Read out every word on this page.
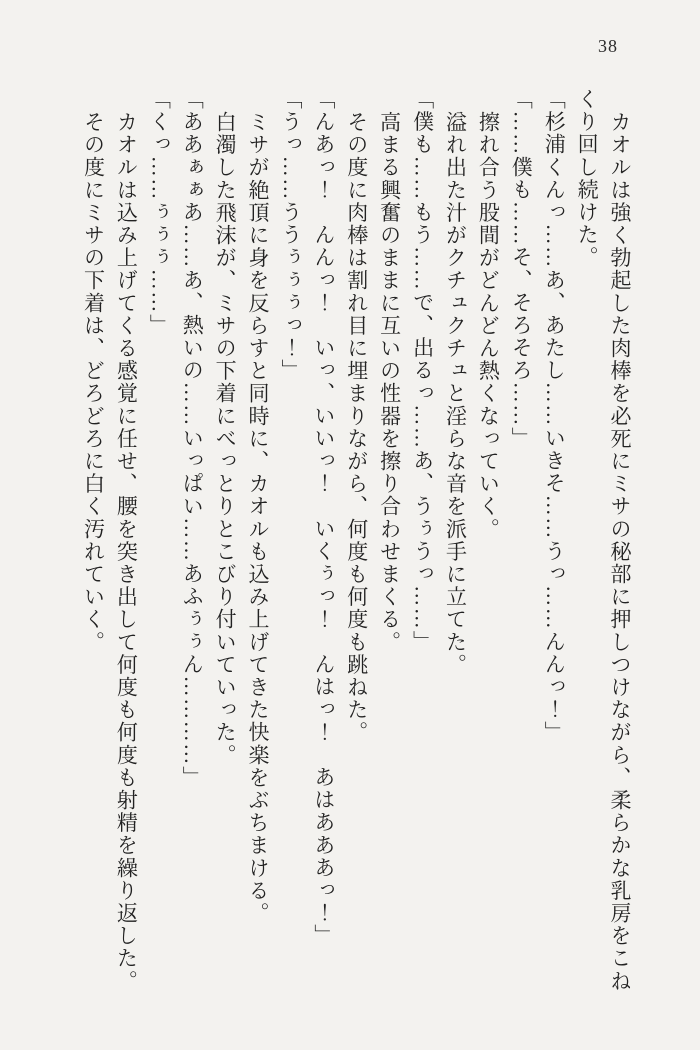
38

カオルは強く勃起した肉棒を必死にミサの秘部に押しつけながら、柔らかな乳房をこね

くり回し続けた。

「杉浦くんっ……あ、あたし……いきそ……うっ……んんっ！」

「……僕も……そ、そろそろ……」

擦れ合う股間がどんどん熱くなっていく。

溢れ出た汁がクチュクチュと淫らな音を派手に立てた。

「僕も……もう……で、出るっ……あ、うぅうっ……」

高まる興奮のままに互いの性器を擦り合わせまくる。

その度に肉棒は割れ目に埋まりながら、何度も何度も跳ねた。

「んあっ！　んんっ！　いっ、いいっ！　いくぅっ！　んはっ！　あはあああっ！」

「うっ……ううぅぅぅっ！」

ミサが絶頂に身を反らすと同時に、カオルも込み上げてきた快楽をぶちまける。

白濁した飛沫が、ミサの下着にべっとりとこびり付いていった。

「ああぁぁあ……あ、熱いの……いっぱい……あふぅぅん…………」

「くっ……ぅぅぅ……」

カオルは込み上げてくる感覚に任せ、腰を突き出して何度も何度も射精を繰り返した。

その度にミサの下着は、どろどろに白く汚れていく。
